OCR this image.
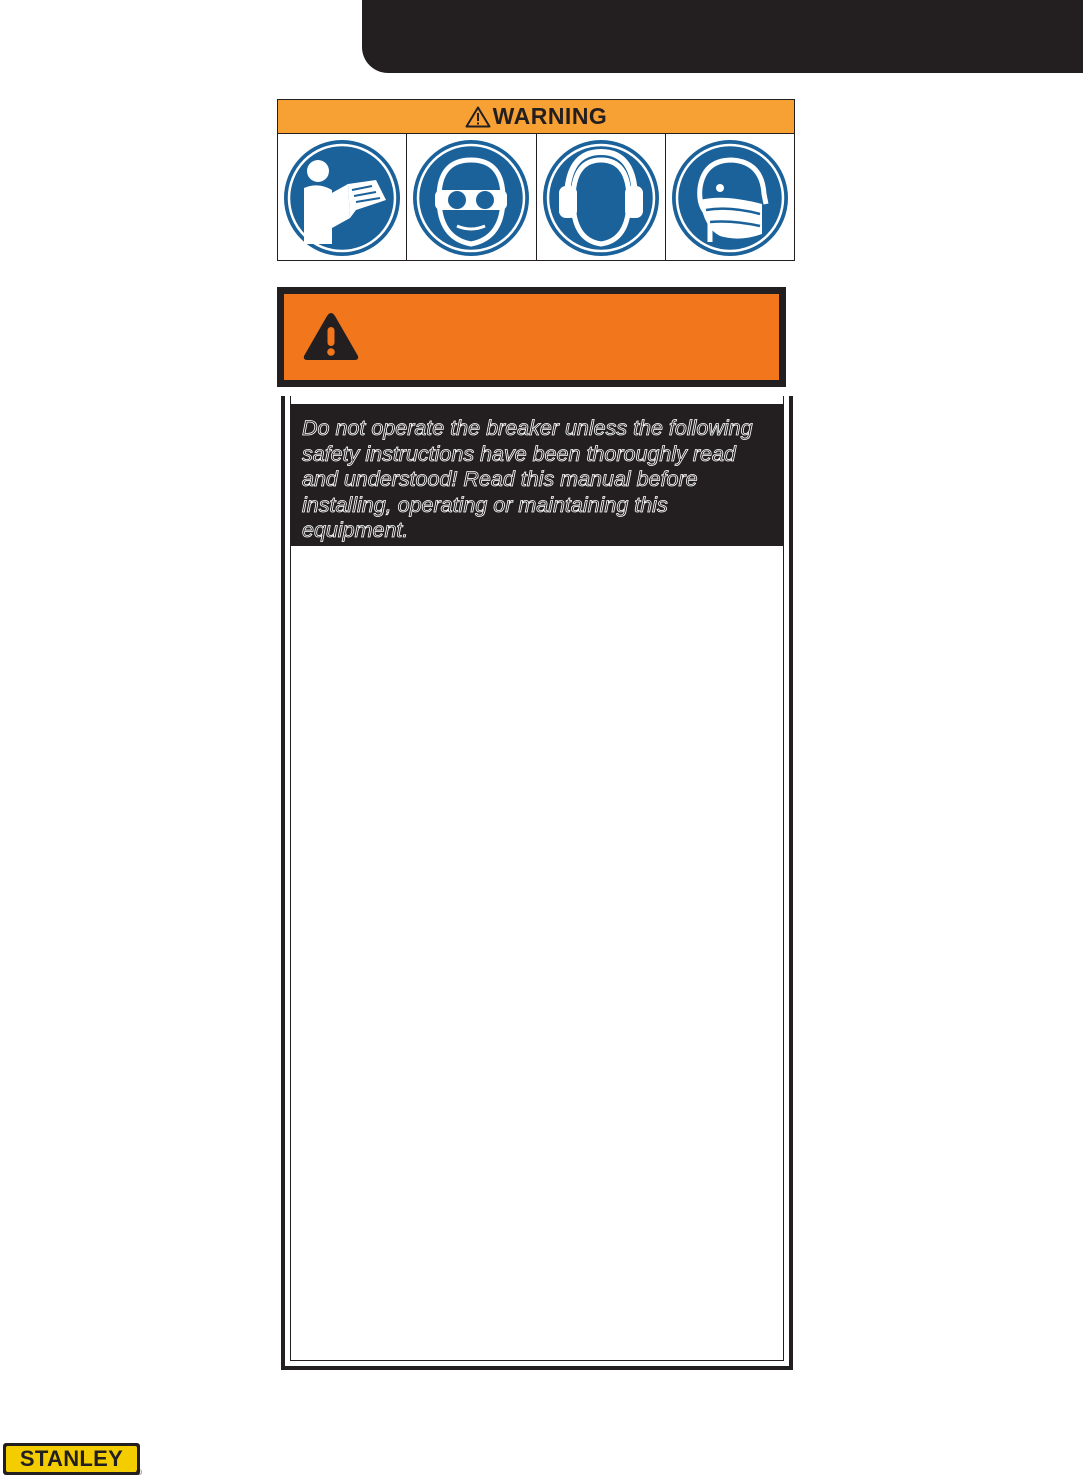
WARNING
Do not operate the breaker unless the following safety instructions have been thoroughly read and understood! Read this manual before installing, operating or maintaining this equipment.
STANLEY
®
